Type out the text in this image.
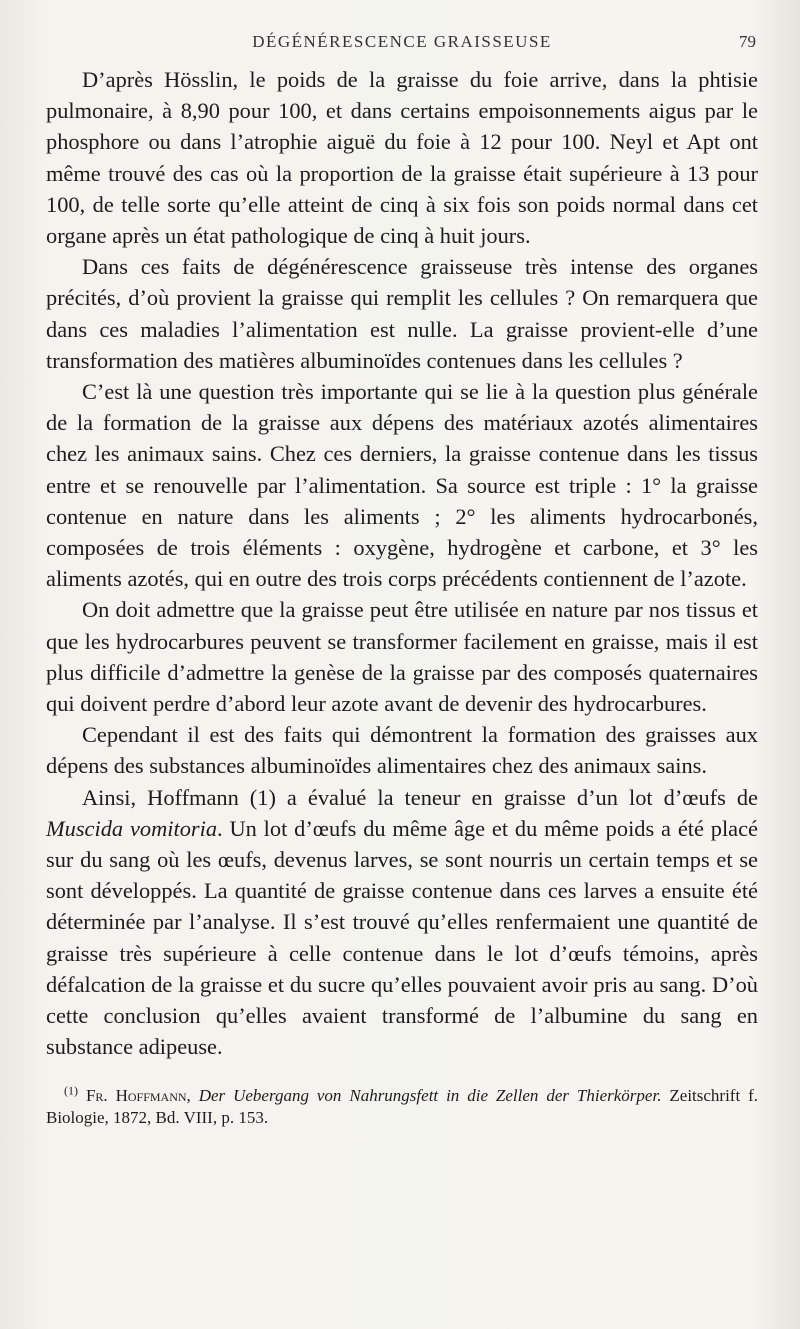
DÉGÉNÉRESCENCE GRAISSEUSE	79

D’après Hösslin, le poids de la graisse du foie arrive, dans la phtisie pulmonaire, à 8,90 pour 100, et dans certains empoisonnements aigus par le phosphore ou dans l’atrophie aiguë du foie à 12 pour 100. Neyl et Apt ont même trouvé des cas où la proportion de la graisse était supérieure à 13 pour 100, de telle sorte qu’elle atteint de cinq à six fois son poids normal dans cet organe après un état pathologique de cinq à huit jours.

Dans ces faits de dégénérescence graisseuse très intense des organes précités, d’où provient la graisse qui remplit les cellules ? On remarquera que dans ces maladies l’alimentation est nulle. La graisse provient-elle d’une transformation des matières albuminoïdes contenues dans les cellules ?

C’est là une question très importante qui se lie à la question plus générale de la formation de la graisse aux dépens des matériaux azotés alimentaires chez les animaux sains. Chez ces derniers, la graisse contenue dans les tissus entre et se renouvelle par l’alimentation. Sa source est triple : 1° la graisse contenue en nature dans les aliments ; 2° les aliments hydrocarbonés, composées de trois éléments : oxygène, hydrogène et carbone, et 3° les aliments azotés, qui en outre des trois corps précédents contiennent de l’azote.

On doit admettre que la graisse peut être utilisée en nature par nos tissus et que les hydrocarbures peuvent se transformer facilement en graisse, mais il est plus difficile d’admettre la genèse de la graisse par des composés quaternaires qui doivent perdre d’abord leur azote avant de devenir des hydrocarbures.

Cependant il est des faits qui démontrent la formation des graisses aux dépens des substances albuminoïdes alimentaires chez des animaux sains.

Ainsi, Hoffmann (1) a évalué la teneur en graisse d’un lot d’œufs de Muscida vomitoria. Un lot d’œufs du même âge et du même poids a été placé sur du sang où les œufs, devenus larves, se sont nourris un certain temps et se sont développés. La quantité de graisse contenue dans ces larves a ensuite été déterminée par l’analyse. Il s’est trouvé qu’elles renfermaient une quantité de graisse très supérieure à celle contenue dans le lot d’œufs témoins, après défalcation de la graisse et du sucre qu’elles pouvaient avoir pris au sang. D’où cette conclusion qu’elles avaient transformé de l’albumine du sang en substance adipeuse.

$^{(1)}$ Fr. Hoffmann, Der Uebergang von Nahrungsfett in die Zellen der Thierkörper. Zeitschrift f. Biologie, 1872, Bd. VIII, p. 153.
